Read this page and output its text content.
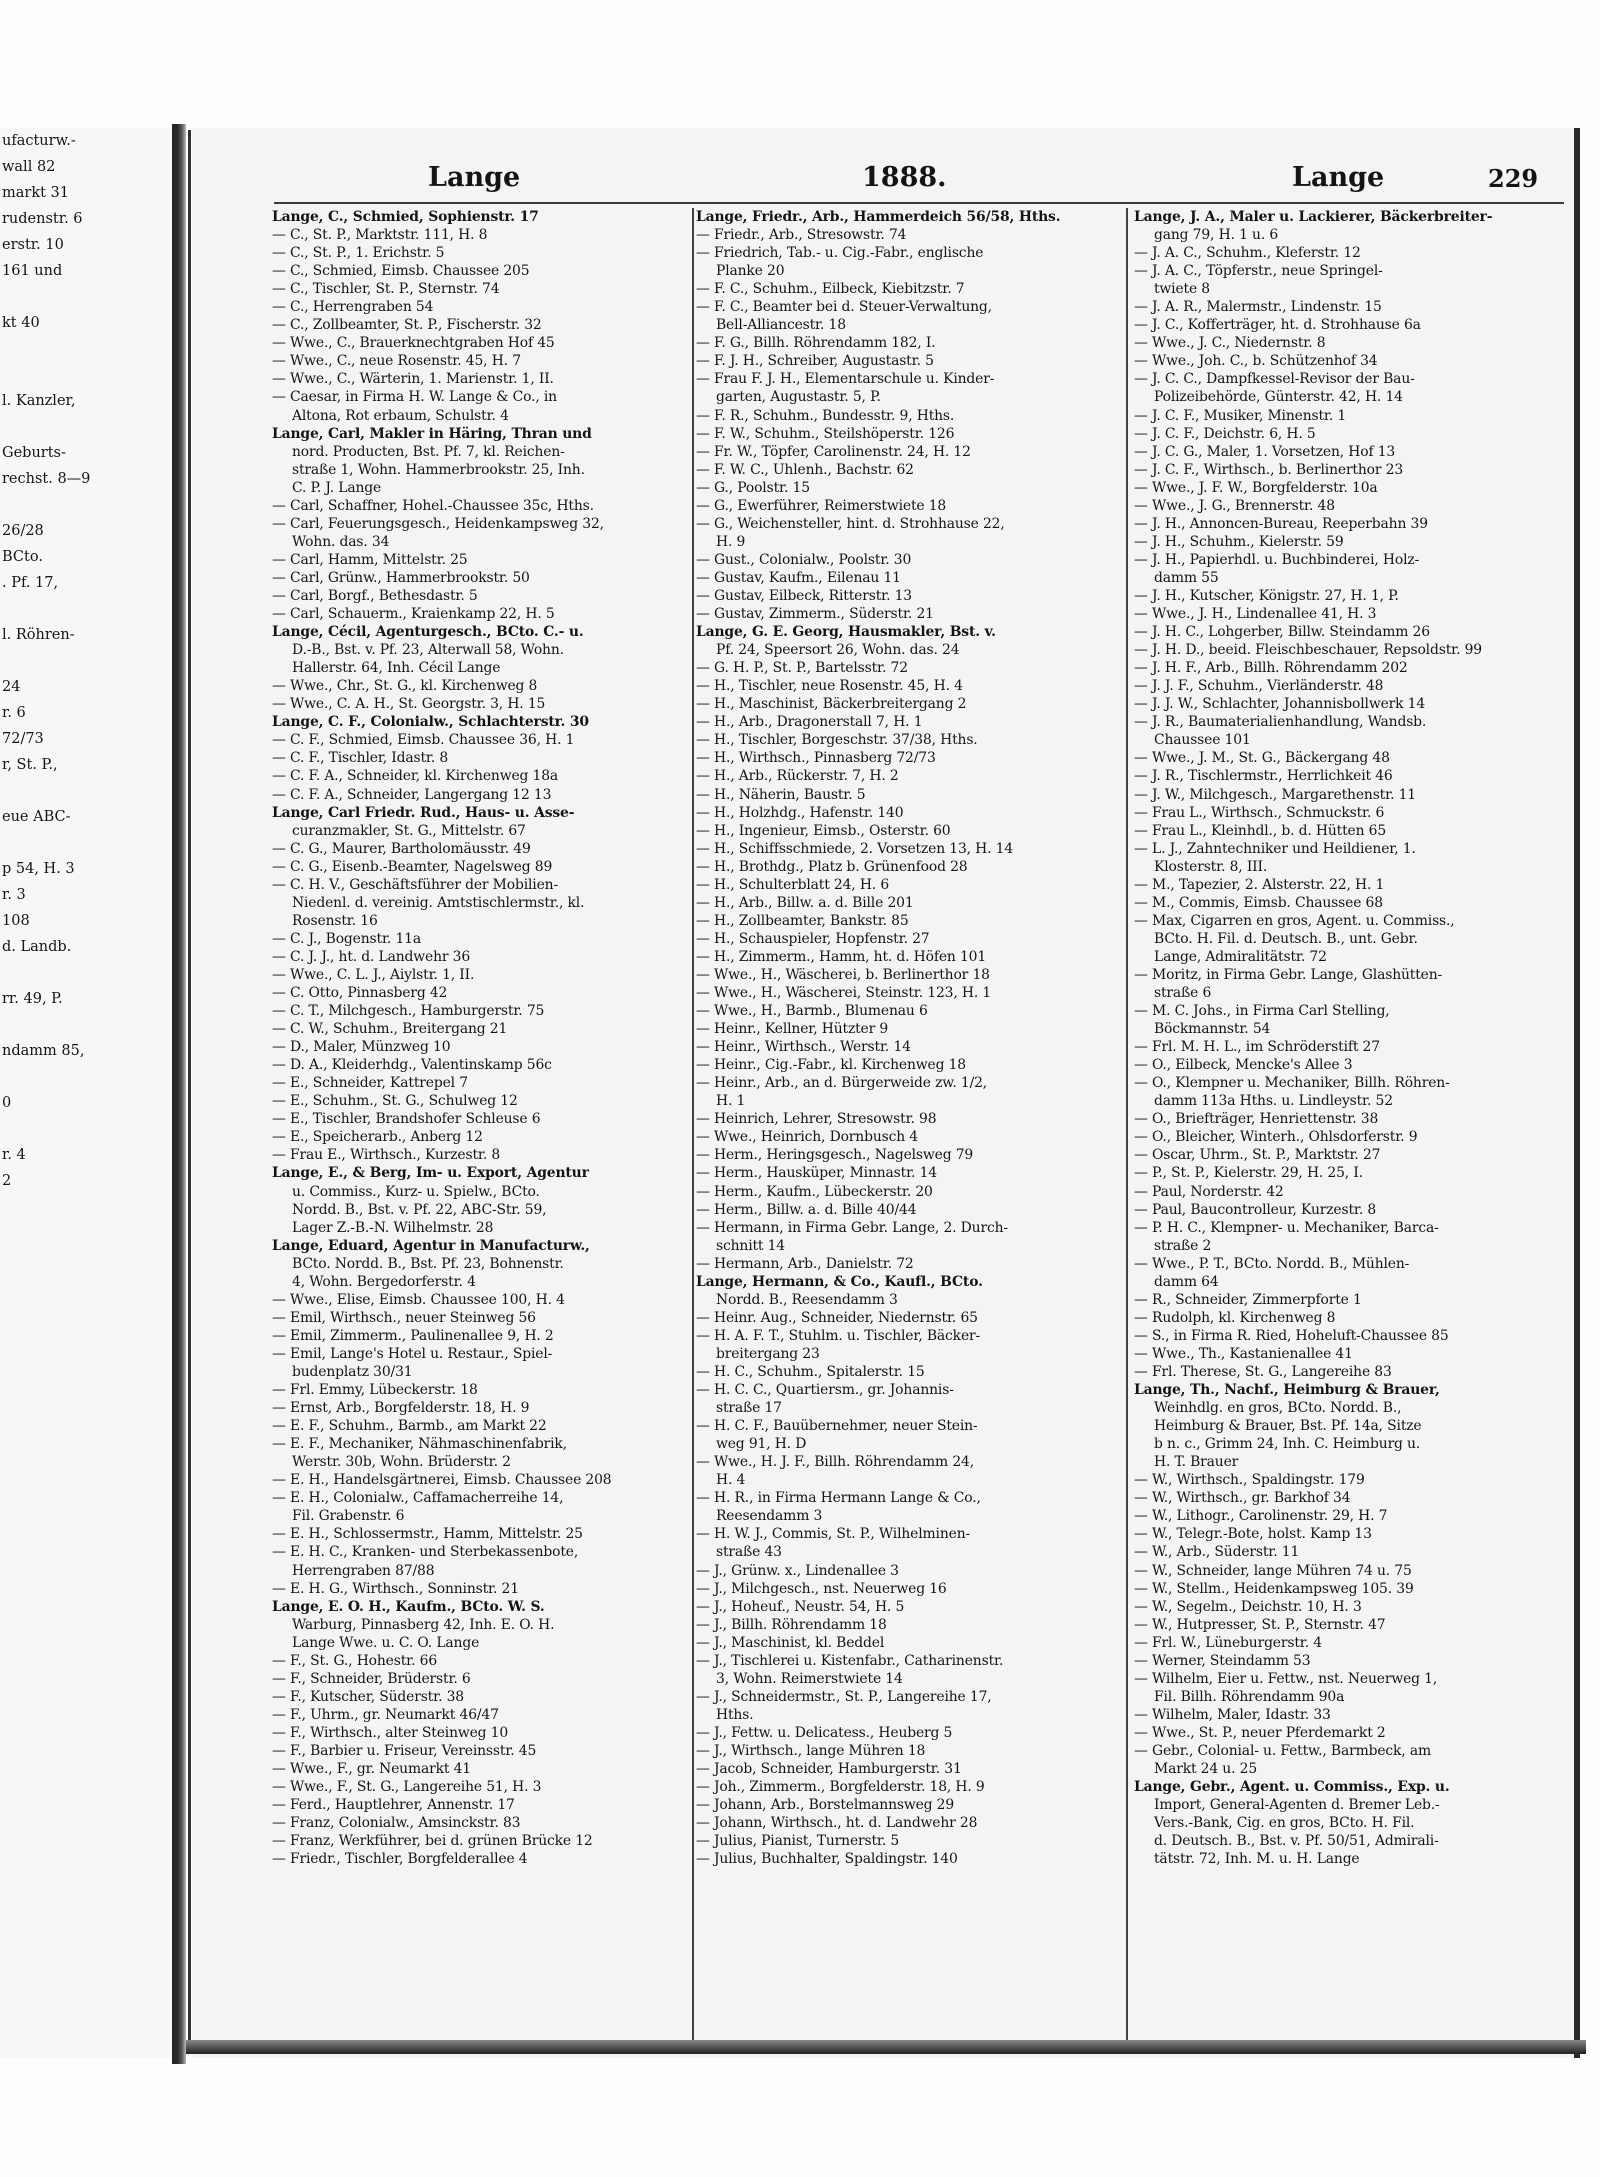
ufacturw.-
wall 82
markt 31
rudenstr. 6
erstr. 10
161 und
kt 40
l. Kanzler,
Geburts-
rechst. 8—9
26/28
BCto.
. Pf. 17,
l. Röhren-
24
r. 6
72/73
r, St. P.,
eue ABC-
p 54, H. 3
r. 3
108
d. Landb.
rr. 49, P.
ndamm 85,
0
r. 4
2
Lange	1888.	Lange	229
Lange, C., Schmied, Sophienstr. 17
— C., St. P., Marktstr. 111, H. 8
— C., St. P., 1. Erichstr. 5
— C., Schmied, Eimsb. Chaussee 205
— C., Tischler, St. P., Sternstr. 74
— C., Herrengraben 54
— C., Zollbeamter, St. P., Fischerstr. 32
— Wwe., C., Brauerknechtgraben Hof 45
— Wwe., C., neue Rosenstr. 45, H. 7
— Wwe., C., Wärterin, 1. Marienstr. 1, II.
— Caesar, in Firma H. W. Lange & Co., in
Altona, Rot erbaum, Schulstr. 4
Lange, Carl, Makler in Häring, Thran und
nord. Producten, Bst. Pf. 7, kl. Reichen-
straße 1, Wohn. Hammerbrookstr. 25, Inh.
C. P. J. Lange
— Carl, Schaffner, Hohel.-Chaussee 35c, Hths.
— Carl, Feuerungsgesch., Heidenkampsweg 32,
Wohn. das. 34
— Carl, Hamm, Mittelstr. 25
— Carl, Grünw., Hammerbrookstr. 50
— Carl, Borgf., Bethesdastr. 5
— Carl, Schauerm., Kraienkamp 22, H. 5
Lange, Cécil, Agenturgesch., BCto. C.- u.
D.-B., Bst. v. Pf. 23, Alterwall 58, Wohn.
Hallerstr. 64, Inh. Cécil Lange
— Wwe., Chr., St. G., kl. Kirchenweg 8
— Wwe., C. A. H., St. Georgstr. 3, H. 15
Lange, C. F., Colonialw., Schlachterstr. 30
— C. F., Schmied, Eimsb. Chaussee 36, H. 1
— C. F., Tischler, Idastr. 8
— C. F. A., Schneider, kl. Kirchenweg 18a
— C. F. A., Schneider, Langergang 12 13
Lange, Carl Friedr. Rud., Haus- u. Asse-
curanzmakler, St. G., Mittelstr. 67
— C. G., Maurer, Bartholomäusstr. 49
— C. G., Eisenb.-Beamter, Nagelsweg 89
— C. H. V., Geschäftsführer der Mobilien-
Niedenl. d. vereinig. Amtstischlermstr., kl.
Rosenstr. 16
— C. J., Bogenstr. 11a
— C. J. J., ht. d. Landwehr 36
— Wwe., C. L. J., Aiylstr. 1, II.
— C. Otto, Pinnasberg 42
— C. T., Milchgesch., Hamburgerstr. 75
— C. W., Schuhm., Breitergang 21
— D., Maler, Münzweg 10
— D. A., Kleiderhdg., Valentinskamp 56c
— E., Schneider, Kattrepel 7
— E., Schuhm., St. G., Schulweg 12
— E., Tischler, Brandshofer Schleuse 6
— E., Speicherarb., Anberg 12
— Frau E., Wirthsch., Kurzestr. 8
Lange, E., & Berg, Im- u. Export, Agentur
u. Commiss., Kurz- u. Spielw., BCto.
Nordd. B., Bst. v. Pf. 22, ABC-Str. 59,
Lager Z.-B.-N. Wilhelmstr. 28
Lange, Eduard, Agentur in Manufacturw.,
BCto. Nordd. B., Bst. Pf. 23, Bohnenstr.
4, Wohn. Bergedorferstr. 4
— Wwe., Elise, Eimsb. Chaussee 100, H. 4
— Emil, Wirthsch., neuer Steinweg 56
— Emil, Zimmerm., Paulinenallee 9, H. 2
— Emil, Lange's Hotel u. Restaur., Spiel-
budenplatz 30/31
— Frl. Emmy, Lübeckerstr. 18
— Ernst, Arb., Borgfelderstr. 18, H. 9
— E. F., Schuhm., Barmb., am Markt 22
— E. F., Mechaniker, Nähmaschinenfabrik,
Werstr. 30b, Wohn. Brüderstr. 2
— E. H., Handelsgärtnerei, Eimsb. Chaussee 208
— E. H., Colonialw., Caffamacherreihe 14,
Fil. Grabenstr. 6
— E. H., Schlossermstr., Hamm, Mittelstr. 25
— E. H. C., Kranken- und Sterbekassenbote,
Herrengraben 87/88
— E. H. G., Wirthsch., Sonninstr. 21
Lange, E. O. H., Kaufm., BCto. W. S.
Warburg, Pinnasberg 42, Inh. E. O. H.
Lange Wwe. u. C. O. Lange
— F., St. G., Hohestr. 66
— F., Schneider, Brüderstr. 6
— F., Kutscher, Süderstr. 38
— F., Uhrm., gr. Neumarkt 46/47
— F., Wirthsch., alter Steinweg 10
— F., Barbier u. Friseur, Vereinsstr. 45
— Wwe., F., gr. Neumarkt 41
— Wwe., F., St. G., Langereihe 51, H. 3
— Ferd., Hauptlehrer, Annenstr. 17
— Franz, Colonialw., Amsinckstr. 83
— Franz, Werkführer, bei d. grünen Brücke 12
— Friedr., Tischler, Borgfelderallee 4
Lange, Friedr., Arb., Hammerdeich 56/58, Hths.
— Friedr., Arb., Stresowstr. 74
— Friedrich, Tab.- u. Cig.-Fabr., englische
Planke 20
— F. C., Schuhm., Eilbeck, Kiebitzstr. 7
— F. C., Beamter bei d. Steuer-Verwaltung,
Bell-Alliancestr. 18
— F. G., Billh. Röhrendamm 182, I.
— F. J. H., Schreiber, Augustastr. 5
— Frau F. J. H., Elementarschule u. Kinder-
garten, Augustastr. 5, P.
— F. R., Schuhm., Bundesstr. 9, Hths.
— F. W., Schuhm., Steilshöperstr. 126
— Fr. W., Töpfer, Carolinenstr. 24, H. 12
— F. W. C., Uhlenh., Bachstr. 62
— G., Poolstr. 15
— G., Ewerführer, Reimerstwiete 18
— G., Weichensteller, hint. d. Strohhause 22,
H. 9
— Gust., Colonialw., Poolstr. 30
— Gustav, Kaufm., Eilenau 11
— Gustav, Eilbeck, Ritterstr. 13
— Gustav, Zimmerm., Süderstr. 21
Lange, G. E. Georg, Hausmakler, Bst. v.
Pf. 24, Speersort 26, Wohn. das. 24
— G. H. P., St. P., Bartelsstr. 72
— H., Tischler, neue Rosenstr. 45, H. 4
— H., Maschinist, Bäckerbreitergang 2
— H., Arb., Dragonerstall 7, H. 1
— H., Tischler, Borgeschstr. 37/38, Hths.
— H., Wirthsch., Pinnasberg 72/73
— H., Arb., Rückerstr. 7, H. 2
— H., Näherin, Baustr. 5
— H., Holzhdg., Hafenstr. 140
— H., Ingenieur, Eimsb., Osterstr. 60
— H., Schiffsschmiede, 2. Vorsetzen 13, H. 14
— H., Brothdg., Platz b. Grünenfood 28
— H., Schulterblatt 24, H. 6
— H., Arb., Billw. a. d. Bille 201
— H., Zollbeamter, Bankstr. 85
— H., Schauspieler, Hopfenstr. 27
— H., Zimmerm., Hamm, ht. d. Höfen 101
— Wwe., H., Wäscherei, b. Berlinerthor 18
— Wwe., H., Wäscherei, Steinstr. 123, H. 1
— Wwe., H., Barmb., Blumenau 6
— Heinr., Kellner, Hützter 9
— Heinr., Wirthsch., Werstr. 14
— Heinr., Cig.-Fabr., kl. Kirchenweg 18
— Heinr., Arb., an d. Bürgerweide zw. 1/2,
H. 1
— Heinrich, Lehrer, Stresowstr. 98
— Wwe., Heinrich, Dornbusch 4
— Herm., Heringsgesch., Nagelsweg 79
— Herm., Hausküper, Minnastr. 14
— Herm., Kaufm., Lübeckerstr. 20
— Herm., Billw. a. d. Bille 40/44
— Hermann, in Firma Gebr. Lange, 2. Durch-
schnitt 14
— Hermann, Arb., Danielstr. 72
Lange, Hermann, & Co., Kaufl., BCto.
Nordd. B., Reesendamm 3
— Heinr. Aug., Schneider, Niedernstr. 65
— H. A. F. T., Stuhlm. u. Tischler, Bäcker-
breitergang 23
— H. C., Schuhm., Spitalerstr. 15
— H. C. C., Quartiersm., gr. Johannis-
straße 17
— H. C. F., Bauübernehmer, neuer Stein-
weg 91, H. D
— Wwe., H. J. F., Billh. Röhrendamm 24,
H. 4
— H. R., in Firma Hermann Lange & Co.,
Reesendamm 3
— H. W. J., Commis, St. P., Wilhelminen-
straße 43
— J., Grünw. x., Lindenallee 3
— J., Milchgesch., nst. Neuerweg 16
— J., Hoheuf., Neustr. 54, H. 5
— J., Billh. Röhrendamm 18
— J., Maschinist, kl. Beddel
— J., Tischlerei u. Kistenfabr., Catharinenstr.
3, Wohn. Reimerstwiete 14
— J., Schneidermstr., St. P., Langereihe 17,
Hths.
— J., Fettw. u. Delicatess., Heuberg 5
— J., Wirthsch., lange Mühren 18
— Jacob, Schneider, Hamburgerstr. 31
— Joh., Zimmerm., Borgfelderstr. 18, H. 9
— Johann, Arb., Borstelmannsweg 29
— Johann, Wirthsch., ht. d. Landwehr 28
— Julius, Pianist, Turnerstr. 5
— Julius, Buchhalter, Spaldingstr. 140
Lange, J. A., Maler u. Lackierer, Bäckerbreiter-
gang 79, H. 1 u. 6
— J. A. C., Schuhm., Kleferstr. 12
— J. A. C., Töpferstr., neue Springel-
twiete 8
— J. A. R., Malermstr., Lindenstr. 15
— J. C., Kofferträger, ht. d. Strohhause 6a
— Wwe., J. C., Niedernstr. 8
— Wwe., Joh. C., b. Schützenhof 34
— J. C. C., Dampfkessel-Revisor der Bau-
Polizeibehörde, Günterstr. 42, H. 14
— J. C. F., Musiker, Minenstr. 1
— J. C. F., Deichstr. 6, H. 5
— J. C. G., Maler, 1. Vorsetzen, Hof 13
— J. C. F., Wirthsch., b. Berlinerthor 23
— Wwe., J. F. W., Borgfelderstr. 10a
— Wwe., J. G., Brennerstr. 48
— J. H., Annoncen-Bureau, Reeperbahn 39
— J. H., Schuhm., Kielerstr. 59
— J. H., Papierhdl. u. Buchbinderei, Holz-
damm 55
— J. H., Kutscher, Königstr. 27, H. 1, P.
— Wwe., J. H., Lindenallee 41, H. 3
— J. H. C., Lohgerber, Billw. Steindamm 26
— J. H. D., beeid. Fleischbeschauer, Repsoldstr. 99
— J. H. F., Arb., Billh. Röhrendamm 202
— J. J. F., Schuhm., Vierländerstr. 48
— J. J. W., Schlachter, Johannisbollwerk 14
— J. R., Baumaterialienhandlung, Wandsb.
Chaussee 101
— Wwe., J. M., St. G., Bäckergang 48
— J. R., Tischlermstr., Herrlichkeit 46
— J. W., Milchgesch., Margarethenstr. 11
— Frau L., Wirthsch., Schmuckstr. 6
— Frau L., Kleinhdl., b. d. Hütten 65
— L. J., Zahntechniker und Heildiener, 1.
Klosterstr. 8, III.
— M., Tapezier, 2. Alsterstr. 22, H. 1
— M., Commis, Eimsb. Chaussee 68
— Max, Cigarren en gros, Agent. u. Commiss.,
BCto. H. Fil. d. Deutsch. B., unt. Gebr.
Lange, Admiralitätstr. 72
— Moritz, in Firma Gebr. Lange, Glashütten-
straße 6
— M. C. Johs., in Firma Carl Stelling,
Böckmannstr. 54
— Frl. M. H. L., im Schröderstift 27
— O., Eilbeck, Mencke's Allee 3
— O., Klempner u. Mechaniker, Billh. Röhren-
damm 113a Hths. u. Lindleystr. 52
— O., Briefträger, Henriettenstr. 38
— O., Bleicher, Winterh., Ohlsdorferstr. 9
— Oscar, Uhrm., St. P., Marktstr. 27
— P., St. P., Kielerstr. 29, H. 25, I.
— Paul, Norderstr. 42
— Paul, Baucontrolleur, Kurzestr. 8
— P. H. C., Klempner- u. Mechaniker, Barca-
straße 2
— Wwe., P. T., BCto. Nordd. B., Mühlen-
damm 64
— R., Schneider, Zimmerpforte 1
— Rudolph, kl. Kirchenweg 8
— S., in Firma R. Ried, Hoheluft-Chaussee 85
— Wwe., Th., Kastanienallee 41
— Frl. Therese, St. G., Langereihe 83
Lange, Th., Nachf., Heimburg & Brauer,
Weinhdlg. en gros, BCto. Nordd. B.,
Heimburg & Brauer, Bst. Pf. 14a, Sitze
b n. c., Grimm 24, Inh. C. Heimburg u.
H. T. Brauer
— W., Wirthsch., Spaldingstr. 179
— W., Wirthsch., gr. Barkhof 34
— W., Lithogr., Carolinenstr. 29, H. 7
— W., Telegr.-Bote, holst. Kamp 13
— W., Arb., Süderstr. 11
— W., Schneider, lange Mühren 74 u. 75
— W., Stellm., Heidenkampsweg 105. 39
— W., Segelm., Deichstr. 10, H. 3
— W., Hutpresser, St. P., Sternstr. 47
— Frl. W., Lüneburgerstr. 4
— Werner, Steindamm 53
— Wilhelm, Eier u. Fettw., nst. Neuerweg 1,
Fil. Billh. Röhrendamm 90a
— Wilhelm, Maler, Idastr. 33
— Wwe., St. P., neuer Pferdemarkt 2
— Gebr., Colonial- u. Fettw., Barmbeck, am
Markt 24 u. 25
Lange, Gebr., Agent. u. Commiss., Exp. u.
Import, General-Agenten d. Bremer Leb.-
Vers.-Bank, Cig. en gros, BCto. H. Fil.
d. Deutsch. B., Bst. v. Pf. 50/51, Admirali-
tätstr. 72, Inh. M. u. H. Lange
